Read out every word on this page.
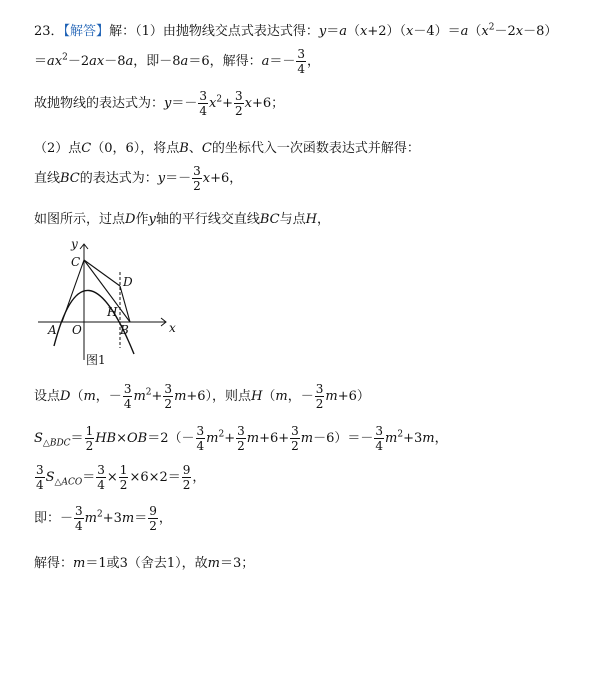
23．【解答】解：（1）由抛物线交点式表达式得：$y=a(x+2)(x-4)=a(x^2-2x-8)$
$=ax^2-2ax-8a$，即－8a＝6，解得：$a=- \frac{3}{4}$ ，
故抛物线的表达式为：$y=- \frac{3}{4} x^2+ \frac{3}{2} x+6$；
（2）点C（0，6），将点B、C的坐标代入一次函数表达式并解得：
直线BC的表达式为：$y=- \frac{3}{2} x+6$，
如图所示，过点D作y轴的平行线交直线BC与点H，
y
x
C
D
H
A O	B
图1
设点D（m，－ $\frac{3}{4} m^2+ \frac{3}{2} m+6$），则点H（m，－ $\frac{3}{2} m+6$）
$S_{\triangle BDC}= \frac{1}{2} HB\times OB=2(- \frac{3}{4} m^2+ \frac{3}{2} m+6+ \frac{3}{2} m-6)=- \frac{3}{4} m^2+3m$，
$\frac{3}{4} S_{\triangle ACO}= \frac{3}{4} \times \frac{1}{2} \times 6\times 2= \frac{9}{2}$ ，
即：－ $\frac{3}{4} m^2+3m= \frac{9}{2}$ ，
解得：m＝1或3（舍去1），故m＝3；
